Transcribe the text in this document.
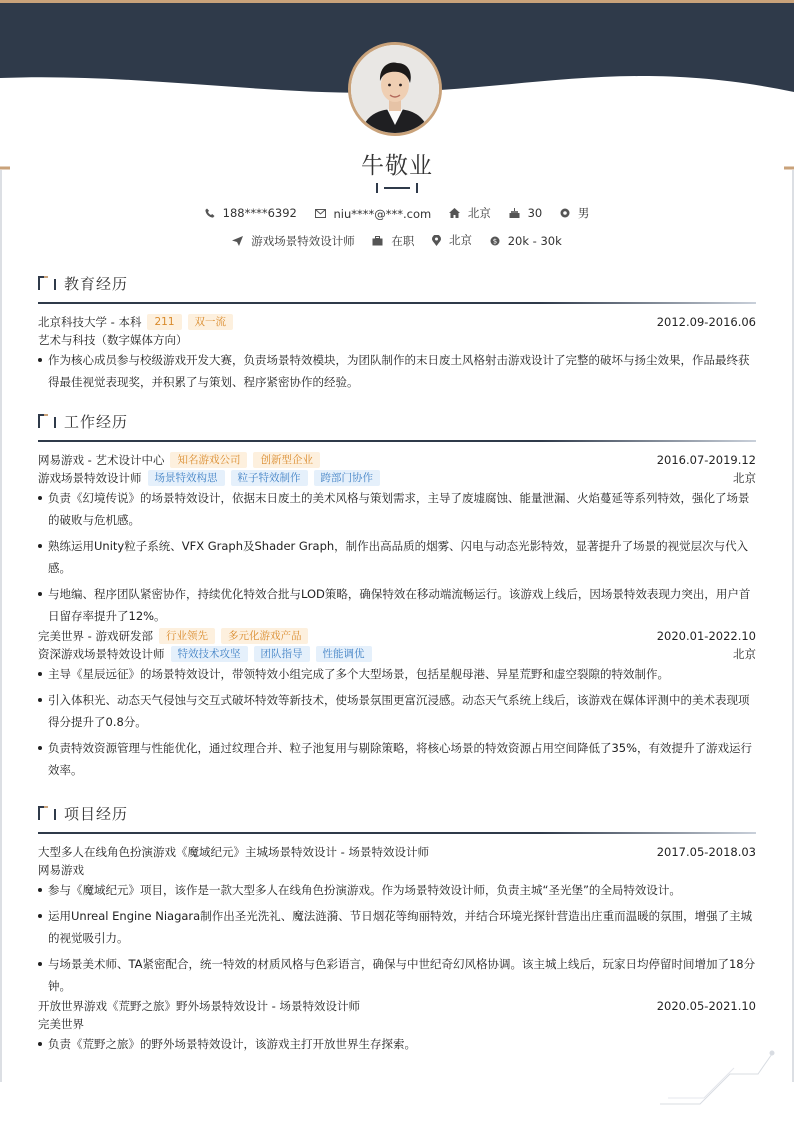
牛敬业
188****6392
	niu****@***.com
	北京
	30
	男
游戏场景特效设计师
	在职
	北京
	$ 20k - 30k
教育经历
北京科技大学 - 本科	211	双一流	2012.09-2016.06
艺术与科技（数字媒体方向）

作为核心成员参与校级游戏开发大赛，负责场景特效模块，为团队制作的末日废土风格射击游戏设计了完整的破坏与扬尘效果，作品最终获得最佳视觉表现奖，并积累了与策划、程序紧密协作的经验。

工作经历
网易游戏 - 艺术设计中心	知名游戏公司	创新型企业	2016.07-2019.12
游戏场景特效设计师	场景特效构思	粒子特效制作	跨部门协作	北京

负责《幻境传说》的场景特效设计，依据末日废土的美术风格与策划需求，主导了废墟腐蚀、能量泄漏、火焰蔓延等系列特效，强化了场景的破败与危机感。

熟练运用Unity粒子系统、VFX Graph及Shader Graph，制作出高品质的烟雾、闪电与动态光影特效，显著提升了场景的视觉层次与代入感。

与地编、程序团队紧密协作，持续优化特效合批与LOD策略，确保特效在移动端流畅运行。该游戏上线后，因场景特效表现力突出，用户首日留存率提升了12%。

完美世界 - 游戏研发部	行业领先	多元化游戏产品	2020.01-2022.10
资深游戏场景特效设计师	特效技术攻坚	团队指导	性能调优	北京

主导《星辰远征》的场景特效设计，带领特效小组完成了多个大型场景，包括星舰母港、异星荒野和虚空裂隙的特效制作。

引入体积光、动态天气侵蚀与交互式破坏特效等新技术，使场景氛围更富沉浸感。动态天气系统上线后，该游戏在媒体评测中的美术表现项得分提升了0.8分。

负责特效资源管理与性能优化，通过纹理合并、粒子池复用与剔除策略，将核心场景的特效资源占用空间降低了35%，有效提升了游戏运行效率。

项目经历
大型多人在线角色扮演游戏《魔域纪元》主城场景特效设计 - 场景特效设计师	2017.05-2018.03
网易游戏

参与《魔域纪元》项目，该作是一款大型多人在线角色扮演游戏。作为场景特效设计师，负责主城“圣光堡”的全局特效设计。

运用Unreal Engine Niagara制作出圣光洗礼、魔法涟漪、节日烟花等绚丽特效，并结合环境光探针营造出庄重而温暖的氛围，增强了主城的视觉吸引力。

与场景美术师、TA紧密配合，统一特效的材质风格与色彩语言，确保与中世纪奇幻风格协调。该主城上线后，玩家日均停留时间增加了18分钟。

开放世界游戏《荒野之旅》野外场景特效设计 - 场景特效设计师	2020.05-2021.10
完美世界

负责《荒野之旅》的野外场景特效设计，该游戏主打开放世界生存探索。
